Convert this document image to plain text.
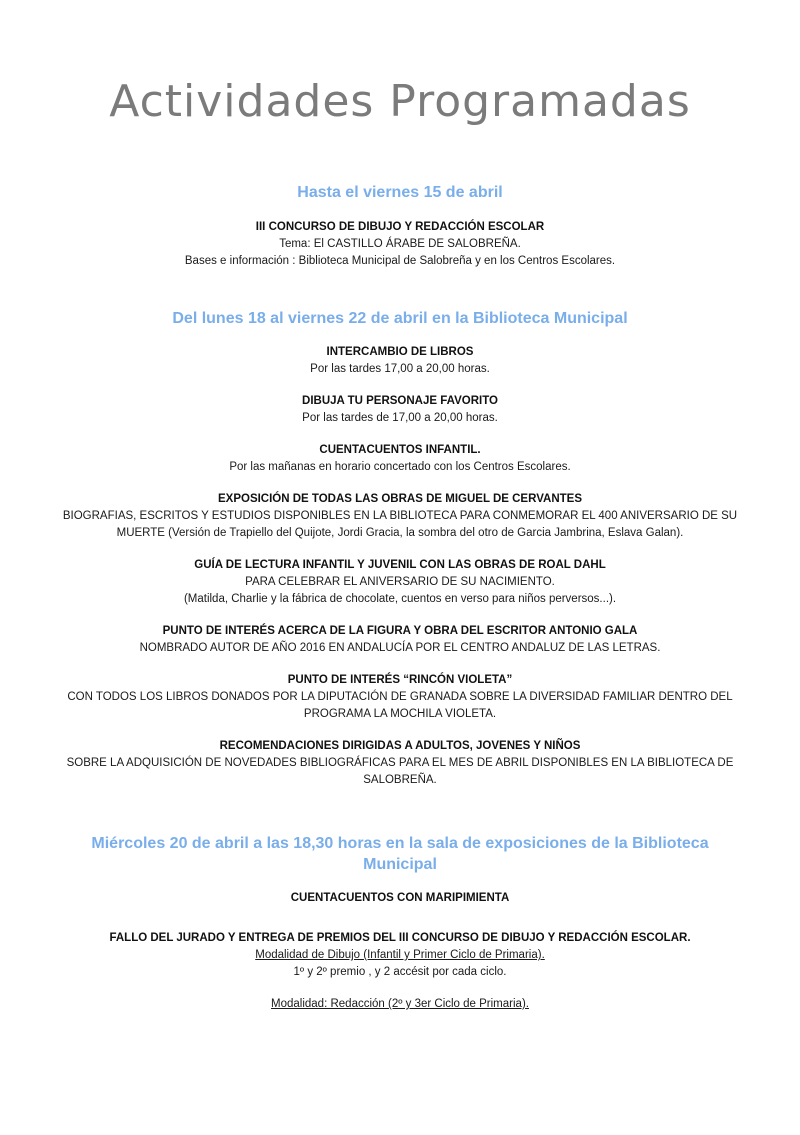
Actividades Programadas

Hasta el viernes 15 de abril

III CONCURSO DE DIBUJO Y REDACCIÓN ESCOLAR

Tema: El CASTILLO ÁRABE DE SALOBREÑA.

Bases e información : Biblioteca Municipal de Salobreña y en los Centros Escolares.

Del lunes 18 al viernes 22 de abril en la Biblioteca Municipal

INTERCAMBIO DE LIBROS

Por las tardes 17,00 a 20,00 horas.

DIBUJA TU PERSONAJE FAVORITO

Por las tardes de 17,00 a 20,00 horas.

CUENTACUENTOS INFANTIL.

Por las mañanas en horario concertado con los Centros Escolares.

EXPOSICIÓN DE TODAS LAS OBRAS DE MIGUEL DE CERVANTES

BIOGRAFIAS, ESCRITOS Y ESTUDIOS DISPONIBLES EN LA BIBLIOTECA PARA CONMEMORAR EL 400 ANIVERSARIO DE SU

MUERTE (Versión de Trapiello del Quijote, Jordi Gracia, la sombra del otro de Garcia Jambrina, Eslava Galan).

GUÍA DE LECTURA INFANTIL Y JUVENIL CON LAS OBRAS DE ROAL DAHL

PARA CELEBRAR EL ANIVERSARIO DE SU NACIMIENTO.

(Matilda, Charlie y la fábrica de chocolate, cuentos en verso para niños perversos...).

PUNTO DE INTERÉS ACERCA DE LA FIGURA Y OBRA DEL ESCRITOR ANTONIO GALA

NOMBRADO AUTOR DE AÑO 2016 EN ANDALUCÍA POR EL CENTRO ANDALUZ DE LAS LETRAS.

PUNTO DE INTERÉS “RINCÓN VIOLETA”

CON TODOS LOS LIBROS DONADOS POR LA DIPUTACIÓN DE GRANADA SOBRE LA DIVERSIDAD FAMILIAR DENTRO DEL

PROGRAMA LA MOCHILA VIOLETA.

RECOMENDACIONES DIRIGIDAS A ADULTOS, JOVENES Y NIÑOS

SOBRE LA ADQUISICIÓN DE NOVEDADES BIBLIOGRÁFICAS PARA EL MES DE ABRIL DISPONIBLES EN LA BIBLIOTECA DE

SALOBREÑA.

Miércoles 20 de abril a las 18,30 horas en la sala de exposiciones de la Biblioteca

Municipal

CUENTACUENTOS CON MARIPIMIENTA

FALLO DEL JURADO Y ENTREGA DE PREMIOS DEL III CONCURSO DE DIBUJO Y REDACCIÓN ESCOLAR.

Modalidad de Dibujo (Infantil y Primer Ciclo de Primaria).

1º y 2º premio , y 2 accésit por cada ciclo.

Modalidad: Redacción (2º y 3er Ciclo de Primaria).
